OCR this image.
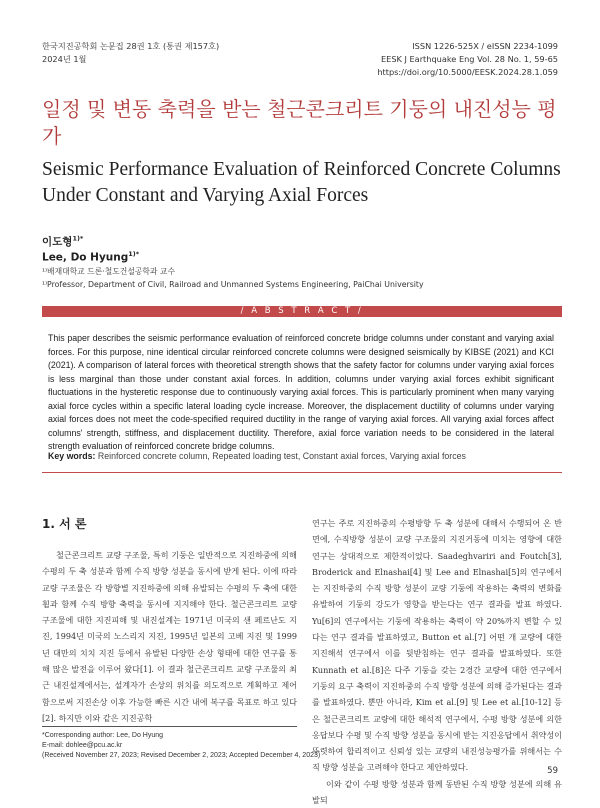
한국지진공학회 논문집 28권 1호 (통권 제157호)
2024년 1월
ISSN 1226-525X / eISSN 2234-1099
EESK J Earthquake Eng Vol. 28 No. 1, 59-65
https://doi.org/10.5000/EESK.2024.28.1.059
일정 및 변동 축력을 받는 철근콘크리트 기둥의 내진성능 평가
Seismic Performance Evaluation of Reinforced Concrete Columns Under Constant and Varying Axial Forces
이도형$^{1)*}$
Lee, Do Hyung$^{1)*}$
¹⁾배재대학교 드론·철도건설공학과 교수
¹⁾Professor, Department of Civil, Railroad and Unmanned Systems Engineering, PaiChai University
/ A B S T R A C T /
This paper describes the seismic performance evaluation of reinforced concrete bridge columns under constant and varying axial forces. For this purpose, nine identical circular reinforced concrete columns were designed seismically by KIBSE (2021) and KCI (2021). A comparison of lateral forces with theoretical strength shows that the safety factor for columns under varying axial forces is less marginal than those under constant axial forces. In addition, columns under varying axial forces exhibit significant fluctuations in the hysteretic response due to continuously varying axial forces. This is particularly prominent when many varying axial force cycles within a specific lateral loading cycle increase. Moreover, the displacement ductility of columns under varying axial forces does not meet the code-specified required ductility in the range of varying axial forces. All varying axial forces affect columns' strength, stiffness, and displacement ductility. Therefore, axial force variation needs to be considered in the lateral strength evaluation of reinforced concrete bridge columns.
Key words: Reinforced concrete column, Repeated loading test, Constant axial forces, Varying axial forces
1. 서 론

철근콘크리트 교량 구조물, 특히 기둥은 일반적으로 지진하중에 의해 수평의 두 축 성분과 함께 수직 방향 성분을 동시에 받게 된다. 이에 따라 교량 구조물은 각 방향별 지진하중에 의해 유발되는 수평의 두 축에 대한 휨과 함께 수직 방향 축력을 동시에 지지해야 한다. 철근콘크리트 교량 구조물에 대한 지진피해 및 내진설계는 1971년 미국의 샌 페르난도 지진, 1994년 미국의 노스리지 지진, 1995년 일본의 고베 지진 및 1999년 대만의 치치 지진 등에서 유발된 다양한 손상 형태에 대한 연구를 통해 많은 발전을 이루어 왔다[1]. 이 결과 철근콘크리트 교량 구조물의 최근 내진설계에서는, 설계자가 손상의 위치를 의도적으로 계획하고 제어함으로써 지진손상 이후 가능한 빠른 시간 내에 복구를 목표로 하고 있다[2]. 하지만 이와 같은 지진공학

연구는 주로 지진하중의 수평방향 두 축 성분에 대해서 수행되어 온 반면에, 수직방향 성분이 교량 구조물의 지진거동에 미치는 영향에 대한 연구는 상대적으로 제한적이었다. Saadeghvariri and Foutch[3], Broderick and Elnashai[4] 및 Lee and Elnashai[5]의 연구에서는 지진하중의 수직 방향 성분이 교량 기둥에 작용하는 축력의 변화를 유발하여 기둥의 강도가 영향을 받는다는 연구 결과를 발표 하였다. Yu[6]의 연구에서는 기둥에 작용하는 축력이 약 20%까지 변할 수 있다는 연구 결과를 발표하였고, Button et al.[7] 어떤 개 교량에 대한 지진해석 연구에서 이를 뒷받침하는 연구 결과를 발표하였다. 또한 Kunnath et al.[8]은 다주 기둥을 갖는 2경간 교량에 대한 연구에서 기둥의 요구 축력이 지진하중의 수직 방향 성분에 의해 증가된다는 결과를 발표하였다. 뿐만 아니라, Kim et al.[9] 및 Lee et al.[10-12] 등은 철근콘크리트 교량에 대한 해석적 연구에서, 수평 방향 성분에 의한 응답보다 수평 및 수직 방향 성분을 동시에 받는 지진응답에서 취약성이 뚜렷하여 합리적이고 신뢰성 있는 교량의 내진성능평가를 위해서는 수직 방향 성분을 고려해야 한다고 제안하였다.

이와 같이 수평 방향 성분과 함께 동반된 수직 방향 성분에 의해 유발되

*Corresponding author: Lee, Do Hyung
E-mail: dohlee@pcu.ac.kr
(Received November 27, 2023; Revised December 2, 2023; Accepted December 4, 2023)
59
